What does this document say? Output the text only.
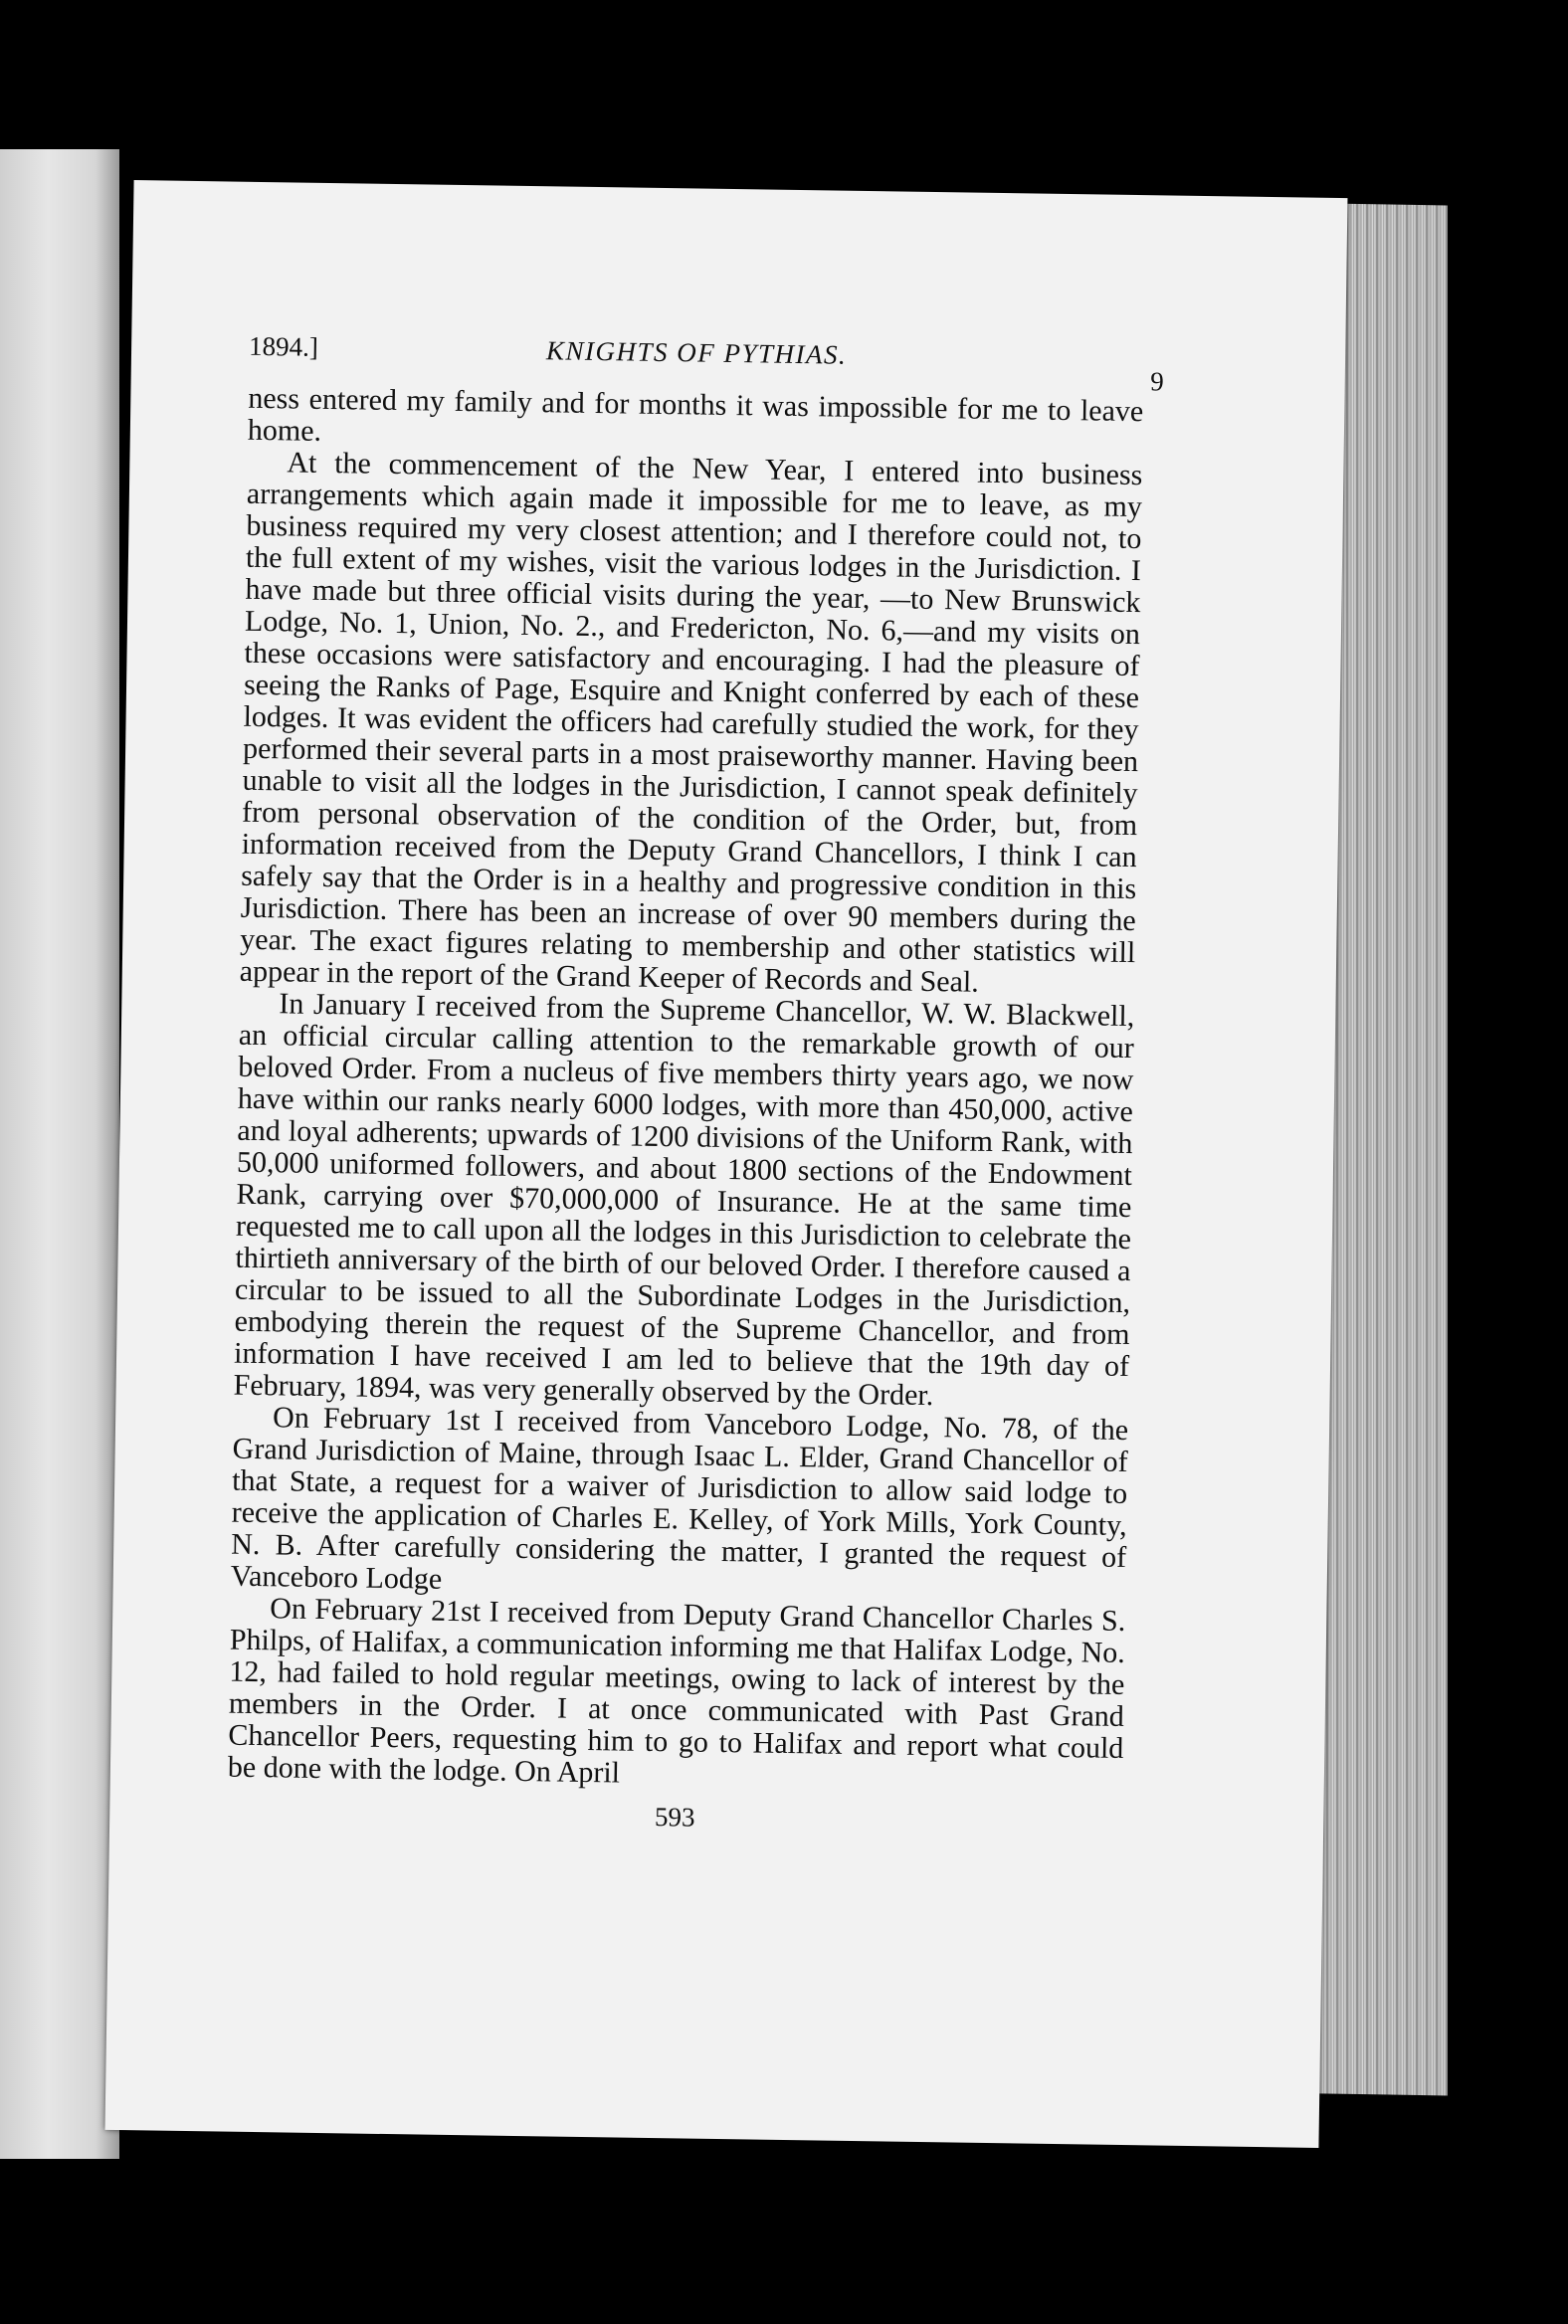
1894.]	KNIGHTS OF PYTHIAS.
9

ness entered my family and for months it was impossible for me to leave home.

At the commencement of the New Year, I entered into business arrangements which again made it impossible for me to leave, as my business required my very closest attention; and I therefore could not, to the full extent of my wishes, visit the various lodges in the Jurisdiction. I have made but three official visits during the year, —to New Brunswick Lodge, No. 1, Union, No. 2., and Fredericton, No. 6,—and my visits on these occasions were satisfactory and encouraging. I had the pleasure of seeing the Ranks of Page, Esquire and Knight conferred by each of these lodges. It was evident the officers had carefully studied the work, for they performed their several parts in a most praiseworthy manner. Having been unable to visit all the lodges in the Jurisdiction, I cannot speak definitely from personal observation of the condition of the Order, but, from information received from the Deputy Grand Chancellors, I think I can safely say that the Order is in a healthy and progressive condition in this Jurisdiction. There has been an increase of over 90 members during the year. The exact figures relating to membership and other statistics will appear in the report of the Grand Keeper of Records and Seal.

In January I received from the Supreme Chancellor, W. W. Blackwell, an official circular calling attention to the remarkable growth of our beloved Order. From a nucleus of five members thirty years ago, we now have within our ranks nearly 6000 lodges, with more than 450,000, active and loyal adherents; upwards of 1200 divisions of the Uniform Rank, with 50,000 uniformed followers, and about 1800 sections of the Endowment Rank, carrying over $70,000,000 of Insurance. He at the same time requested me to call upon all the lodges in this Jurisdiction to celebrate the thirtieth anniversary of the birth of our beloved Order. I therefore caused a circular to be issued to all the Subordinate Lodges in the Jurisdiction, embodying therein the request of the Supreme Chancellor, and from information I have received I am led to believe that the 19th day of February, 1894, was very generally observed by the Order.

On February 1st I received from Vanceboro Lodge, No. 78, of the Grand Jurisdiction of Maine, through Isaac L. Elder, Grand Chancellor of that State, a request for a waiver of Jurisdiction to allow said lodge to receive the application of Charles E. Kelley, of York Mills, York County, N. B. After carefully considering the matter, I granted the request of Vanceboro Lodge

On February 21st I received from Deputy Grand Chancellor Charles S. Philps, of Halifax, a communication informing me that Halifax Lodge, No. 12, had failed to hold regular meetings, owing to lack of interest by the members in the Order. I at once communicated with Past Grand Chancellor Peers, requesting him to go to Halifax and report what could be done with the lodge. On April

593
